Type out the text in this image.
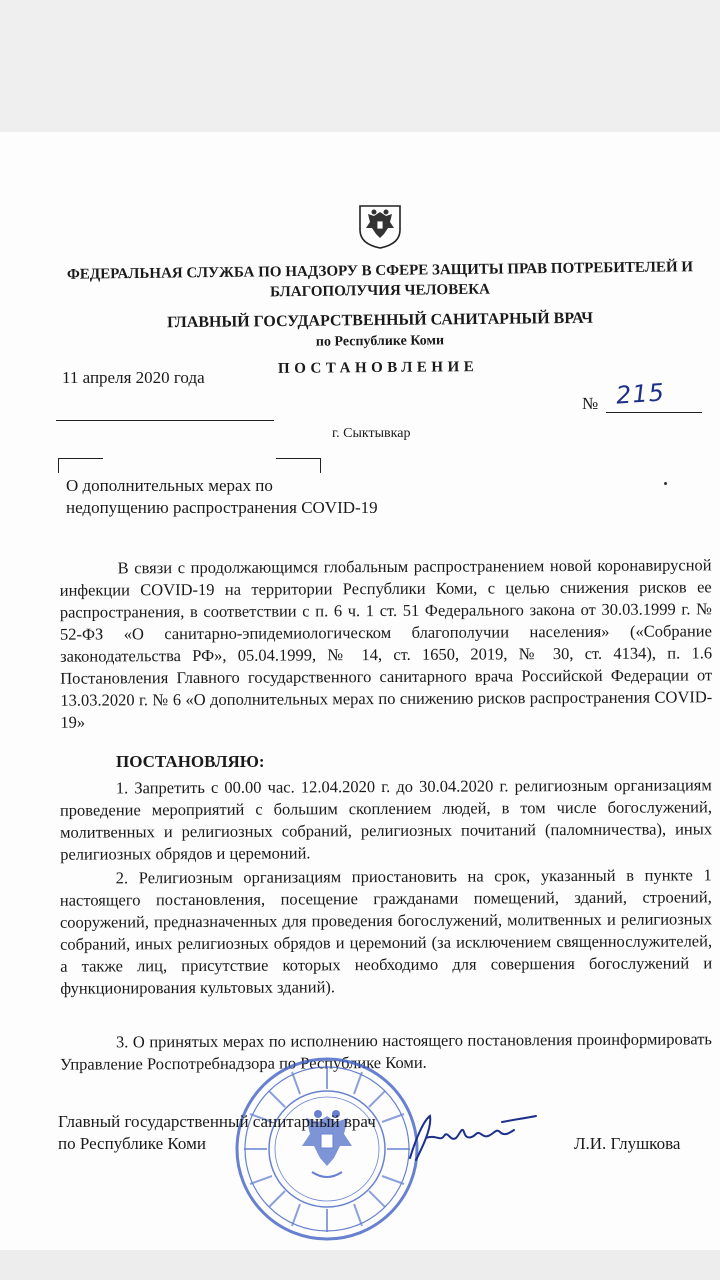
ФЕДЕРАЛЬНАЯ СЛУЖБА ПО НАДЗОРУ В СФЕРЕ ЗАЩИТЫ ПРАВ ПОТРЕБИТЕЛЕЙ И
БЛАГОПОЛУЧИЯ ЧЕЛОВЕКА
ГЛАВНЫЙ ГОСУДАРСТВЕННЫЙ САНИТАРНЫЙ ВРАЧ
по Республике Коми
11 апреля 2020 года	ПОСТАНОВЛЕНИЕ
№ 215
г. Сыктывкар
О дополнительных мерах по
недопущению распространения COVID-19
В связи с продолжающимся глобальным распространением новой коронавирусной инфекции COVID-19 на территории Республики Коми, с целью снижения рисков ее распространения, в соответствии с п. 6 ч. 1 ст. 51 Федерального закона от 30.03.1999 г. № 52-ФЗ «О санитарно-эпидемиологическом благополучии населения» («Собрание законодательства РФ», 05.04.1999, № 14, ст. 1650, 2019, № 30, ст. 4134), п. 1.6 Постановления Главного государственного санитарного врача Российской Федерации от 13.03.2020 г. № 6 «О дополнительных мерах по снижению рисков распространения COVID-19»
ПОСТАНОВЛЯЮ:
1. Запретить с 00.00 час. 12.04.2020 г. до 30.04.2020 г. религиозным организациям проведение мероприятий с большим скоплением людей, в том числе богослужений, молитвенных и религиозных собраний, религиозных почитаний (паломничества), иных религиозных обрядов и церемоний.
2. Религиозным организациям приостановить на срок, указанный в пункте 1 настоящего постановления, посещение гражданами помещений, зданий, строений, сооружений, предназначенных для проведения богослужений, молитвенных и религиозных собраний, иных религиозных обрядов и церемоний (за исключением священнослужителей, а также лиц, присутствие которых необходимо для совершения богослужений и функционирования культовых зданий).
3. О принятых мерах по исполнению настоящего постановления проинформировать Управление Роспотребнадзора по Республике Коми.
Главный государственный санитарный врач
по Республике Коми	Л.И. Глушкова
